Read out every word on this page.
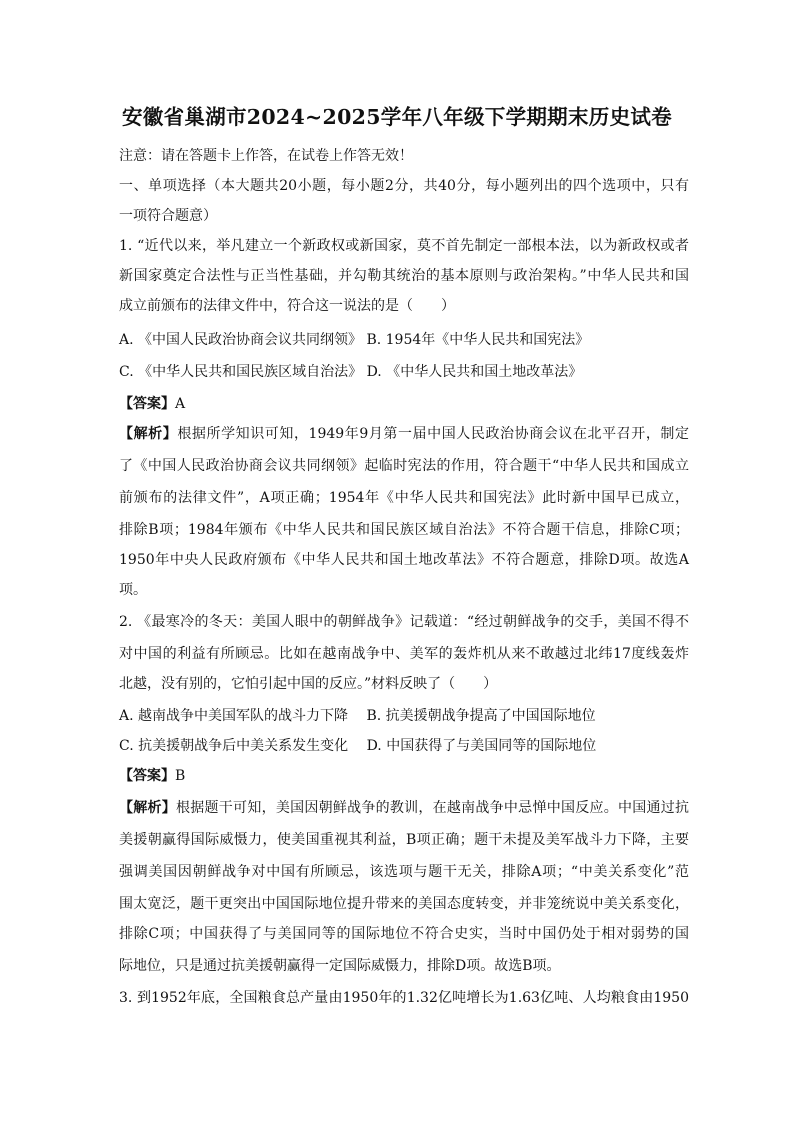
安徽省巢湖市2024~2025学年八年级下学期期末历史试卷
注意：请在答题卡上作答，在试卷上作答无效！
一、单项选择（本大题共20小题，每小题2分，共40分，每小题列出的四个选项中，只有
一项符合题意）
1. “近代以来，举凡建立一个新政权或新国家，莫不首先制定一部根本法，以为新政权或者
新国家奠定合法性与正当性基础，并勾勒其统治的基本原则与政治架构。”中华人民共和国
成立前颁布的法律文件中，符合这一说法的是（　　）
A. 《中国人民政治协商会议共同纲领》 B. 1954年《中华人民共和国宪法》
C. 《中华人民共和国民族区域自治法》 D. 《中华人民共和国土地改革法》
【答案】A
【解析】根据所学知识可知，1949年9月第一届中国人民政治协商会议在北平召开，制定
了《中国人民政治协商会议共同纲领》起临时宪法的作用，符合题干“中华人民共和国成立
前颁布的法律文件”，A项正确；1954年《中华人民共和国宪法》此时新中国早已成立，
排除B项；1984年颁布《中华人民共和国民族区域自治法》不符合题干信息，排除C项；
1950年中央人民政府颁布《中华人民共和国土地改革法》不符合题意，排除D项。故选A
项。
2. 《最寒冷的冬天：美国人眼中的朝鲜战争》记载道：“经过朝鲜战争的交手，美国不得不
对中国的利益有所顾忌。比如在越南战争中、美军的轰炸机从来不敢越过北纬17度线轰炸
北越，没有别的，它怕引起中国的反应。”材料反映了（　　）
A. 越南战争中美国军队的战斗力下降　 B. 抗美援朝战争提高了中国国际地位
C. 抗美援朝战争后中美关系发生变化　 D. 中国获得了与美国同等的国际地位
【答案】B
【解析】根据题干可知，美国因朝鲜战争的教训，在越南战争中忌惮中国反应。中国通过抗
美援朝赢得国际威慑力，使美国重视其利益，B项正确；题干未提及美军战斗力下降，主要
强调美国因朝鲜战争对中国有所顾忌，该选项与题干无关，排除A项；“中美关系变化”范
围太宽泛，题干更突出中国国际地位提升带来的美国态度转变，并非笼统说中美关系变化，
排除C项；中国获得了与美国同等的国际地位不符合史实，当时中国仍处于相对弱势的国
际地位，只是通过抗美援朝赢得一定国际威慑力，排除D项。故选B项。
3. 到1952年底，全国粮食总产量由1950年的1.32亿吨增长为1.63亿吨、人均粮食由1950
